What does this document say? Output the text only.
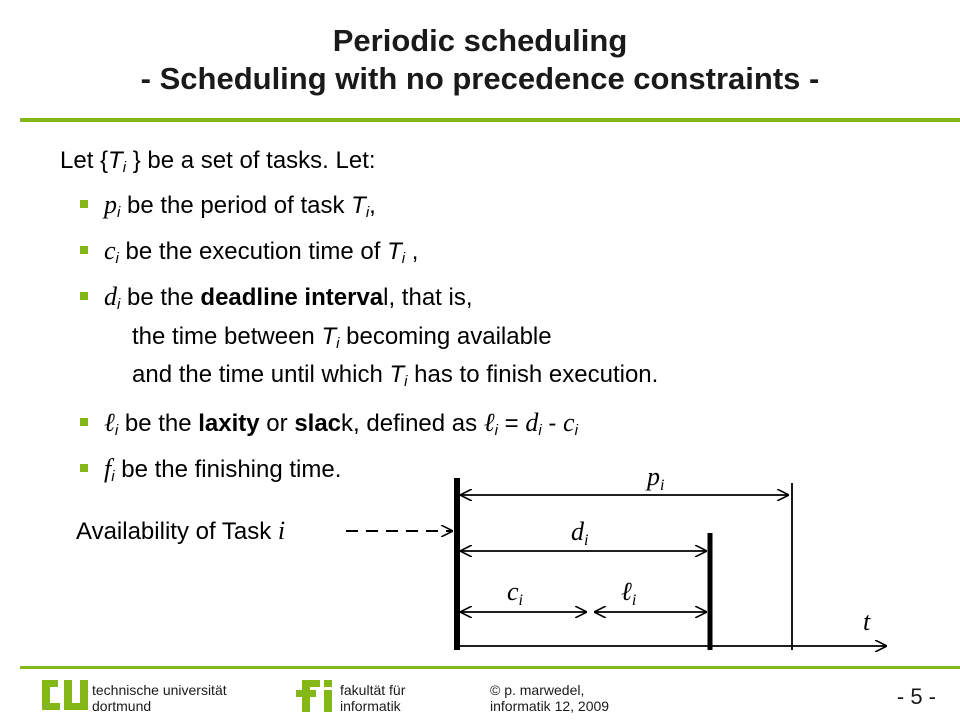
Periodic scheduling
- Scheduling with no precedence constraints -
Let {$T_i$ } be a set of tasks. Let:
$p_i$ be the period of task $T_i$,
$c_i$ be the execution time of $T_i$ ,
$d_i$ be the deadline interval, that is,
the time between $T_i$ becoming available
and the time until which $T_i$ has to finish execution.
ℓ$_i$ be the laxity or slack, defined as ℓ$_i$ = $d_i - c_i$
$f_i$ be the finishing time.
Availability of Task i
pi
di
ci	ℓi
t
technische universität
dortmund
fakultät für
informatik
© p. marwedel,
informatik 12, 2009	- 5 -
